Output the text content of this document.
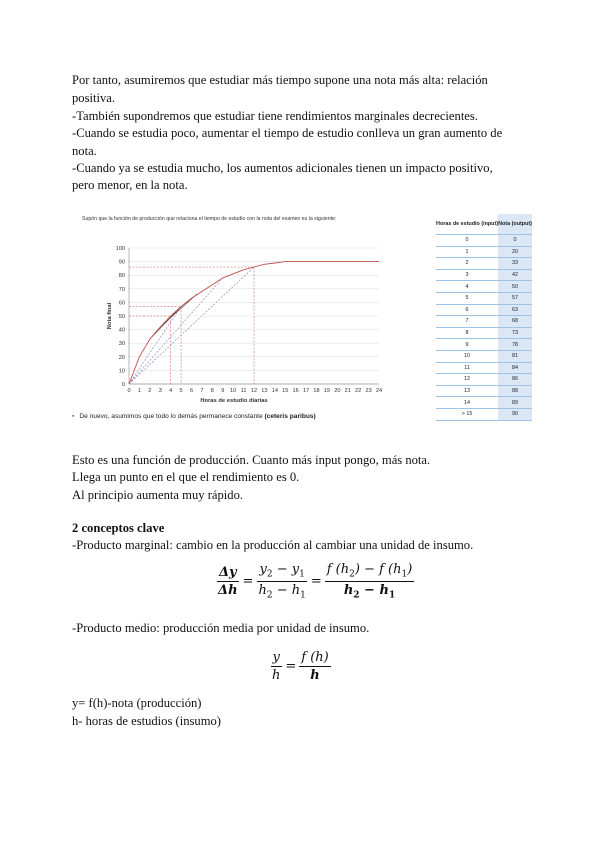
Por tanto, asumiremos que estudiar más tiempo supone una nota más alta: relación
positiva.
-También supondremos que estudiar tiene rendimientos marginales decrecientes.
-Cuando se estudia poco, aumentar el tiempo de estudio conlleva un gran aumento de
nota.
-Cuando ya se estudia mucho, los aumentos adicionales tienen un impacto positivo,
pero menor, en la nota.
Supón que la función de producción que relaciona el tiempo de estudio con la nota del examen es la siguiente:
0 1 2 3 4 5 6 7 8 9 10 11 12 13 14 15 16 17 18 19 20 21 22 23 24
0
10
20
30
40
50
60
70
80
90
100
Horas de estudio diarias
Nota final
Horas de estudio (input)	Nota (output)
0	0
1	20
2	33
3	42
4	50
5	57
6	63
7	68
8	73
9	78
10	81
11	84
12	86
13	88
14	89
> 15	90
▪ De nuevo, asumimos que todo lo demás permanece constante (ceteris paribus)
Esto es una función de producción. Cuanto más input pongo, más nota.
Llega un punto en el que el rendimiento es 0.
Al principio aumenta muy rápido.
2 conceptos clave
-Producto marginal: cambio en la producción al cambiar una unidad de insumo.
$\frac{\Delta y}{\Delta h} = \frac{y_2 - y_1}{h_2 - h_1} = \frac{f (h_2) - f (h_1)}{h_2 - h_1}$
-Producto medio: producción media por unidad de insumo.
$\frac{y}{h} = \frac{f (h)}{h}$
y= f(h)-nota (producción)
h- horas de estudios (insumo)
